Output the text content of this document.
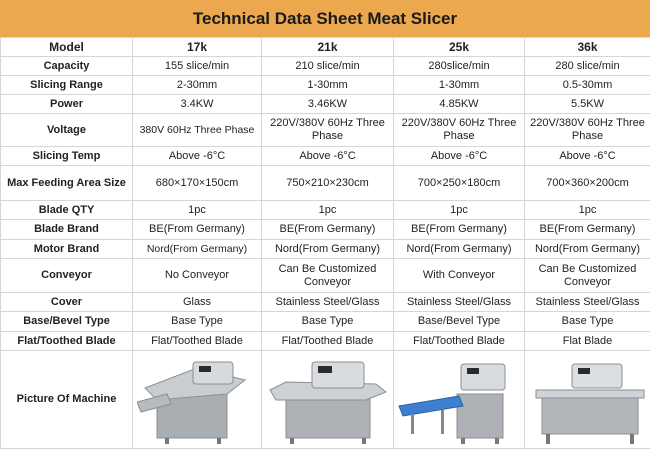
Technical Data Sheet Meat Slicer
Model	17k	21k	25k	36k
Capacity	155 slice/min	210 slice/min	280slice/min	280 slice/min
Slicing Range	2-30mm	1-30mm	1-30mm	0.5-30mm
Power	3.4KW	3.46KW	4.85KW	5.5KW
Voltage	380V 60Hz Three Phase	220V/380V 60Hz Three Phase	220V/380V 60Hz Three Phase	220V/380V 60Hz Three Phase
Slicing Temp	Above -6°C	Above -6°C	Above -6°C	Above -6°C
Max Feeding Area Size	680×170×150cm	750×210×230cm	700×250×180cm	700×360×200cm
Blade QTY	1pc	1pc	1pc	1pc
Blade Brand	BE(From Germany)	BE(From Germany)	BE(From Germany)	BE(From Germany)
Motor Brand	Nord(From Germany)	Nord(From Germany)	Nord(From Germany)	Nord(From Germany)
Conveyor	No Conveyor	Can Be Customized Conveyor	With Conveyor	Can Be Customized Conveyor
Cover	Glass	Stainless Steel/Glass	Stainless Steel/Glass	Stainless Steel/Glass
Base/Bevel Type	Base Type	Base Type	Base/Bevel Type	Base Type
Flat/Toothed Blade	Flat/Toothed Blade	Flat/Toothed Blade	Flat/Toothed Blade	Flat Blade
Picture Of Machine	
